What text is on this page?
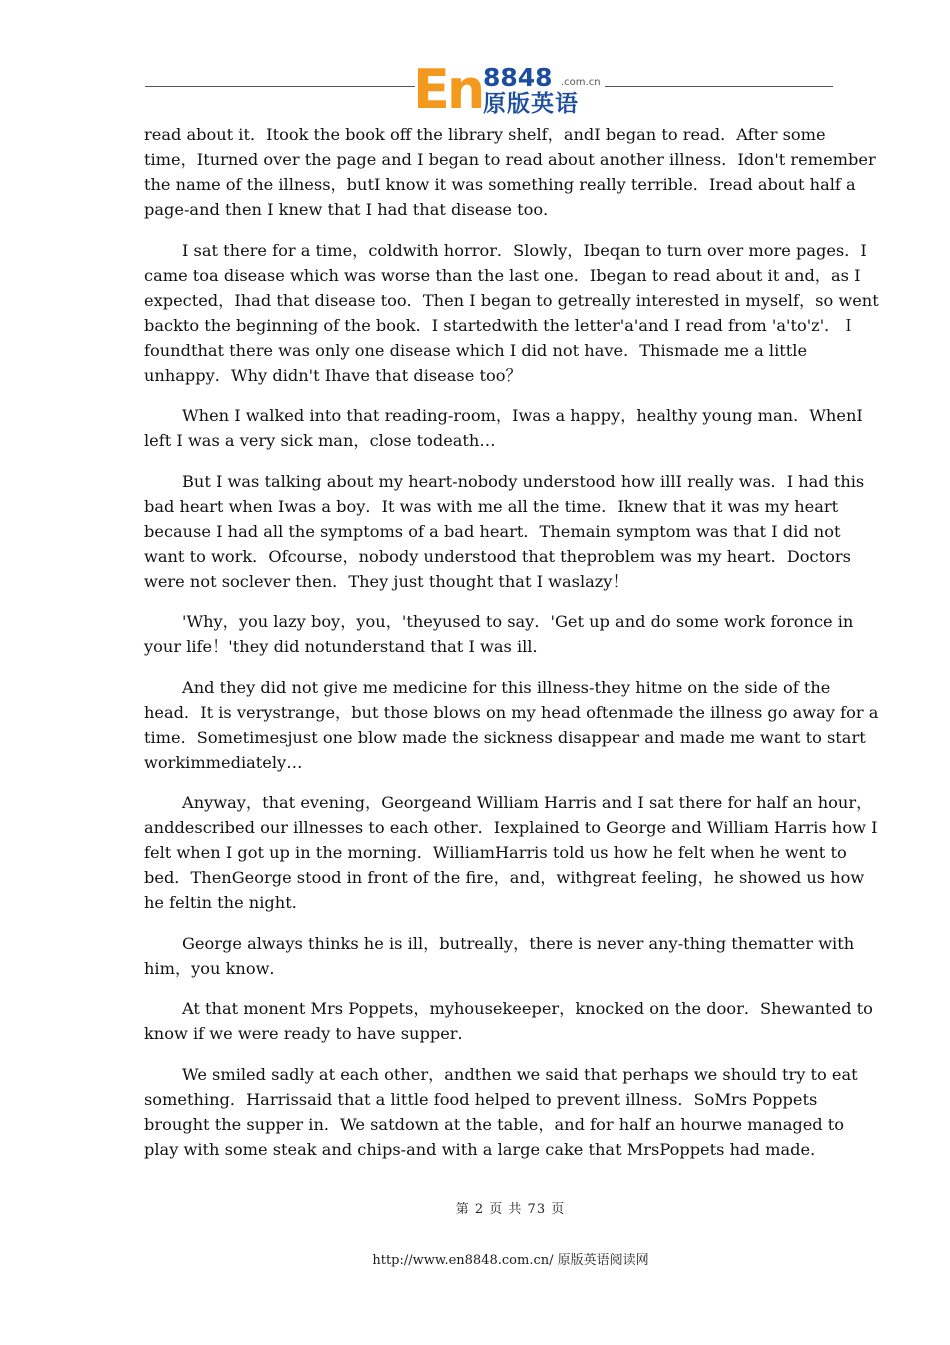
En 8848 .com.cn
原版英语

read about it．Itook the book off the library shelf，andI began to read．After some time，Iturned over the page and I began to read about another illness．Idon't remember the name of the illness，butI know it was something really terrible．Iread about half a page-and then I knew that I had that disease too．

I sat there for a time，coldwith horror．Slowly，Ibeqan to turn over more pages．I came toa disease which was worse than the last one．Ibegan to read about it and，as I expected，Ihad that disease too．Then I began to getreally interested in myself，so went backto the beginning of the book．I startedwith the letter'a'and I read from 'a'to'z'．Ｉ foundthat there was only one disease which I did not have．Thismade me a little unhappy．Why didn't Ihave that disease too？

When I walked into that reading-room，Iwas a happy，healthy young man．WhenI left I was a very sick man，close todeath…

But I was talking about my heart-nobody understood how illI really was．I had this bad heart when Iwas a boy．It was with me all the time．Iknew that it was my heart because I had all the symptoms of a bad heart．Themain symptom was that I did not want to work．Ofcourse，nobody understood that theproblem was my heart．Doctors were not soclever then．They just thought that I waslazy！

'Why，you lazy boy，you，'theyused to say．'Get up and do some work foronce in your life！'they did notunderstand that I was ill．

And they did not give me medicine for this illness-they hitme on the side of the head．It is verystrange，but those blows on my head oftenmade the illness go away for a time．Sometimesjust one blow made the sickness disappear and made me want to start workimmediately…

Anyway，that evening，Georgeand William Harris and I sat there for half an hour，anddescribed our illnesses to each other．Iexplained to George and William Harris how I felt when I got up in the morning．WilliamHarris told us how he felt when he went to bed．ThenGeorge stood in front of the fire，and，withgreat feeling，he showed us how he feltin the night．

George always thinks he is ill，butreally，there is never any-thing thematter with him，you know．

At that monent Mrs Poppets，myhousekeeper，knocked on the door．Shewanted to know if we were ready to have supper．

We smiled sadly at each other，andthen we said that perhaps we should try to eat something．Harrissaid that a little food helped to prevent illness．SoMrs Poppets brought the supper in．We satdown at the table，and for half an hourwe managed to play with some steak and chips-and with a large cake that MrsPoppets had made．

第 2 页 共 73 页
http://www.en8848.com.cn/ 原版英语阅读网
